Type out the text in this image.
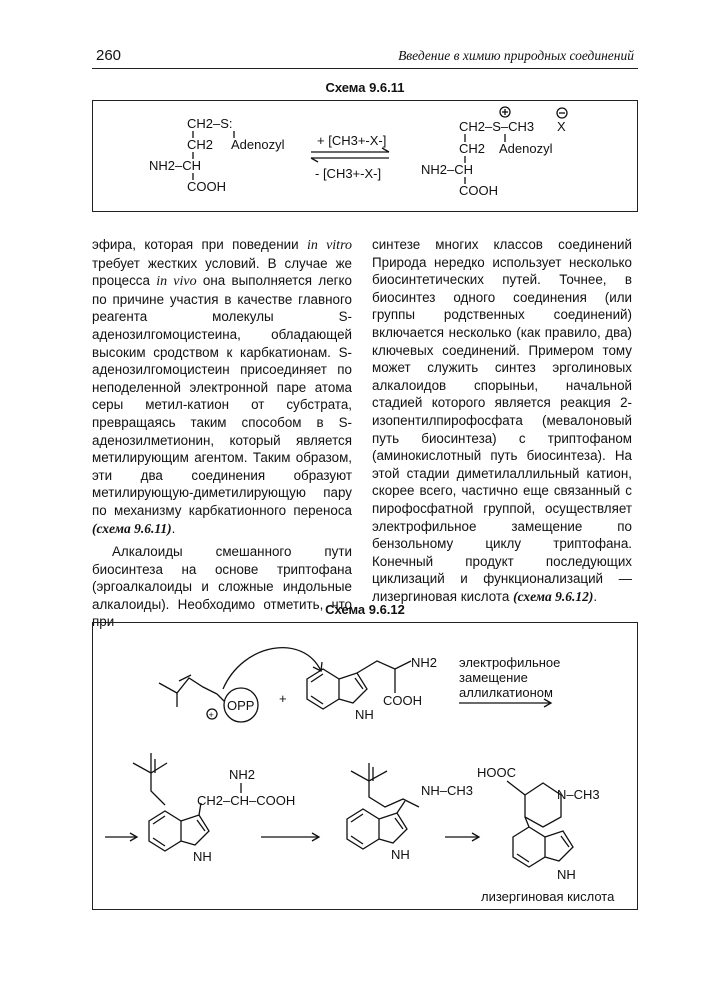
260	Введение в химию природных соединений
Схема 9.6.11
CH2–S:
CH2 Adenozyl
NH2–CH
COOH
+ [CH3+-X-]
- [CH3+-X-]
CH2–S–CH3 X
CH2 Adenozyl
NH2–CH
COOH

эфира, которая при поведении in vitro требует жестких условий. В случае же процесса in vivo она выполняется легко по причине участия в качестве главного реагента молекулы S-аденозилгомоцистеина, обладающей высоким сродством к карбкатионам. S-аденозилгомоцистеин присоединяет по неподеленной электронной паре атома серы метил-катион от субстрата, превращаясь таким способом в S-аденозилметионин, который является метилирующим агентом. Таким образом, эти два соединения образуют метилирующую-диметилирующую пару по механизму карбкатионного переноса (схема 9.6.11).

Алкалоиды смешанного пути биосинтеза на основе триптофана (эргоалкалоиды и сложные индольные алкалоиды). Необходимо отметить, что при

синтезе многих классов соединений Природа нередко использует несколько биосинтетических путей. Точнее, в биосинтез одного соединения (или группы родственных соединений) включается несколько (как правило, два) ключевых соединений. Примером тому может служить синтез эрголиновых алкалоидов спорыньи, начальной стадией которого является реакция 2-изопентилпирофосфата (мевалоновый путь биосинтеза) с триптофаном (аминокислотный путь биосинтеза). На этой стадии диметилаллильный катион, скорее всего, частично еще связанный с пирофосфатной группой, осуществляет электрофильное замещение по бензольному циклу триптофана. Конечный продукт последующих циклизаций и функционализаций — лизергиновая кислота (схема 9.6.12).

Схема 9.6.12
OPP
+
+
NH
NH2
COOH
электрофильное
замещение
аллилкатионом
NH
CH2–CH–COOH
NH2
NH
NH–CH3
HOOC
N–CH3
NH
лизергиновая кислота
